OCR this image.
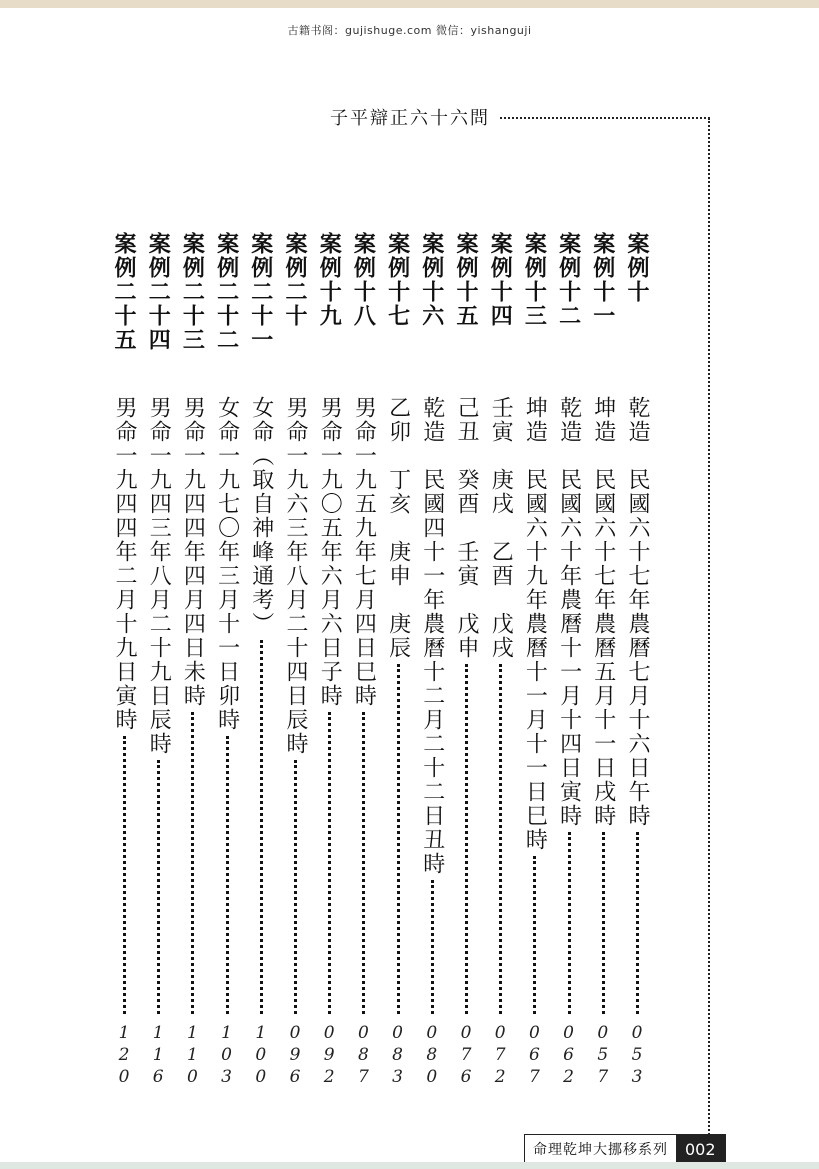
古籍书阁：gujishuge.com 微信：yishanguji
子平辯正六十六問
案例十
乾造　民國六十七年農曆七月十六日午時
0
5
3
案例十一
坤造　民國六十七年農曆五月十一日戌時
0
5
7
案例十二
乾造　民國六十年農曆十一月十四日寅時
0
6
2
案例十三
坤造　民國六十九年農曆十一月十一日巳時
0
6
7
案例十四
壬寅　庚戌　乙酉　戊戌
0
7
2
案例十五
己丑　癸酉　壬寅　戊申
0
7
6
案例十六
乾造　民國四十一年農曆十二月二十二日丑時
0
8
0
案例十七
乙卯　丁亥　庚申　庚辰
0
8
3
案例十八
男命一九五九年七月四日巳時
0
8
7
案例十九
男命一九〇五年六月六日子時
0
9
2
案例二十
男命一九六三年八月二十四日辰時
0
9
6
案例二十一
女命（取自神峰通考）
1
0
0
案例二十二
女命一九七〇年三月十一日卯時
1
0
3
案例二十三
男命一九四四年四月四日未時
1
1
0
案例二十四
男命一九四三年八月二十九日辰時
1
1
6
案例二十五
男命一九四四年二月十九日寅時
1
2
0
命理乾坤大挪移系列	002
